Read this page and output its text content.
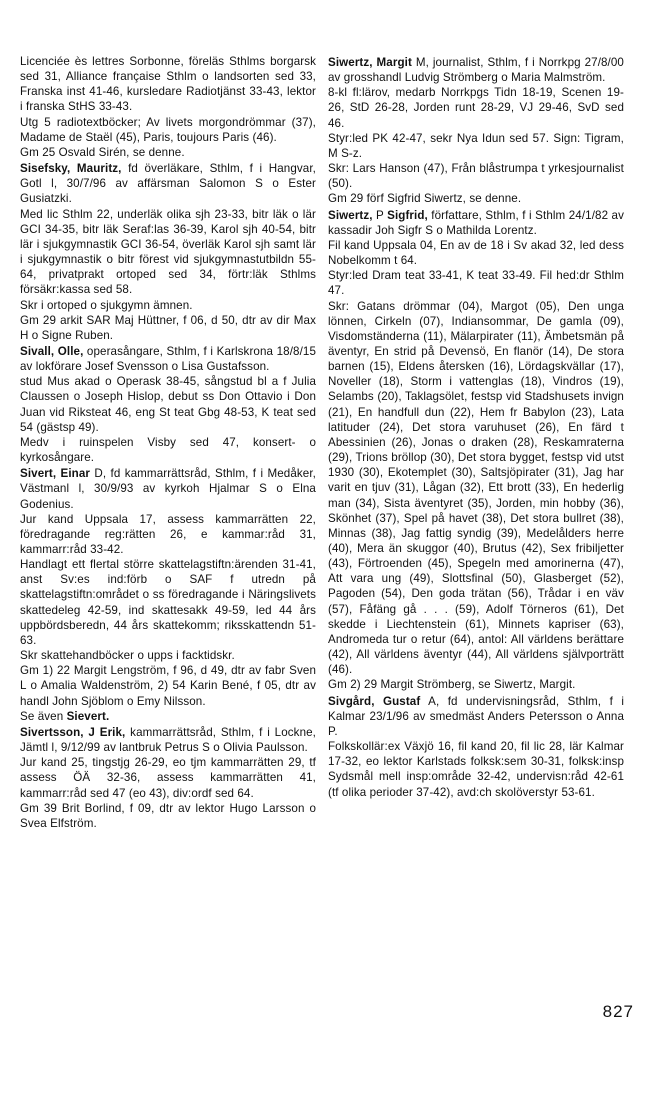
Licenciée ès lettres Sorbonne, föreläs Sthlms borgarsk sed 31, Alliance française Sthlm o landsorten sed 33, Franska inst 41-46, kursledare Radiotjänst 33-43, lektor i franska StHS 33-43.

Utg 5 radiotextböcker; Av livets morgondrömmar (37), Madame de Staël (45), Paris, toujours Paris (46).

Gm 25 Osvald Sirén, se denne.

Sisefsky, Mauritz, fd överläkare, Sthlm, f i Hangvar, Gotl l, 30/7/96 av affärsman Salomon S o Ester Gusiatzki.

Med lic Sthlm 22, underläk olika sjh 23-33, bitr läk o lär GCI 34-35, bitr läk Seraf:las 36-39, Karol sjh 40-54, bitr lär i sjukgymnastik GCI 36-54, överläk Karol sjh samt lär i sjukgymnastik o bitr förest vid sjukgymnastutbildn 55-64, privatprakt ortoped sed 34, förtr:läk Sthlms försäkr:kassa sed 58.

Skr i ortoped o sjukgymn ämnen.

Gm 29 arkit SAR Maj Hüttner, f 06, d 50, dtr av dir Max H o Signe Ruben.

Sivall, Olle, operasångare, Sthlm, f i Karlskrona 18/8/15 av lokförare Josef Svensson o Lisa Gustafsson.

stud Mus akad o Operask 38-45, sångstud bl a f Julia Claussen o Joseph Hislop, debut ss Don Ottavio i Don Juan vid Riksteat 46, eng St teat Gbg 48-53, K teat sed 54 (gästsp 49).

Medv i ruinspelen Visby sed 47, konsert- o kyrkosångare.

Sivert, Einar D, fd kammarrättsråd, Sthlm, f i Medåker, Västmanl l, 30/9/93 av kyrkoh Hjalmar S o Elna Godenius.

Jur kand Uppsala 17, assess kammarrätten 22, föredragande reg:rätten 26, e kammar:råd 31, kammarr:råd 33-42.

Handlagt ett flertal större skattelagstiftn:ärenden 31-41, anst Sv:es ind:förb o SAF f utredn på skattelagstiftn:området o ss föredragande i Näringslivets skattedeleg 42-59, ind skattesakk 49-59, led 44 års uppbördsberedn, 44 års skattekomm; riksskattendn 51-63.

Skr skattehandböcker o upps i facktidskr.

Gm 1) 22 Margit Lengström, f 96, d 49, dtr av fabr Sven L o Amalia Waldenström, 2) 54 Karin Bené, f 05, dtr av handl John Sjöblom o Emy Nilsson.

Se även Sievert.

Sivertsson, J Erik, kammarrättsråd, Sthlm, f i Lockne, Jämtl l, 9/12/99 av lantbruk Petrus S o Olivia Paulsson.

Jur kand 25, tingstjg 26-29, eo tjm kammarrätten 29, tf assess ÖÄ 32-36, assess kammarrätten 41, kammarr:råd sed 47 (eo 43), div:ordf sed 64.

Gm 39 Brit Borlind, f 09, dtr av lektor Hugo Larsson o Svea Elfström.

Siwertz, Margit M, journalist, Sthlm, f i Norrkpg 27/8/00 av grosshandl Ludvig Strömberg o Maria Malmström.

8-kl fl:lärov, medarb Norrkpgs Tidn 18-19, Scenen 19-26, StD 26-28, Jorden runt 28-29, VJ 29-46, SvD sed 46.

Styr:led PK 42-47, sekr Nya Idun sed 57. Sign: Tigram, M S-z.

Skr: Lars Hanson (47), Från blåstrumpa t yrkesjournalist (50).

Gm 29 förf Sigfrid Siwertz, se denne.

Siwertz, P Sigfrid, författare, Sthlm, f i Sthlm 24/1/82 av kassadir Joh Sigfr S o Mathilda Lorentz.

Fil kand Uppsala 04, En av de 18 i Sv akad 32, led dess Nobelkomm t 64.

Styr:led Dram teat 33-41, K teat 33-49. Fil hed:dr Sthlm 47.

Skr: Gatans drömmar (04), Margot (05), Den unga lönnen, Cirkeln (07), Indiansommar, De gamla (09), Visdomständerna (11), Mälarpirater (11), Ämbetsmän på äventyr, En strid på Devensö, En flanör (14), De stora barnen (15), Eldens återsken (16), Lördagskvällar (17), Noveller (18), Storm i vattenglas (18), Vindros (19), Selambs (20), Taklagsölet, festsp vid Stadshusets invign (21), En handfull dun (22), Hem fr Babylon (23), Lata latituder (24), Det stora varuhuset (26), En färd t Abessinien (26), Jonas o draken (28), Reskamraterna (29), Trions bröllop (30), Det stora bygget, festsp vid utst 1930 (30), Ekotemplet (30), Saltsjöpirater (31), Jag har varit en tjuv (31), Lågan (32), Ett brott (33), En hederlig man (34), Sista äventyret (35), Jorden, min hobby (36), Skönhet (37), Spel på havet (38), Det stora bullret (38), Minnas (38), Jag fattig syndig (39), Medelålders herre (40), Mera än skuggor (40), Brutus (42), Sex fribiljetter (43), Förtroenden (45), Spegeln med amorinerna (47), Att vara ung (49), Slottsfinal (50), Glasberget (52), Pagoden (54), Den goda trätan (56), Trådar i en väv (57), Fåfäng gå . . . (59), Adolf Törneros (61), Det skedde i Liechtenstein (61), Minnets kapriser (63), Andromeda tur o retur (64), antol: All världens berättare (42), All världens äventyr (44), All världens självporträtt (46).

Gm 2) 29 Margit Strömberg, se Siwertz, Margit.

Sivgård, Gustaf A, fd undervisningsråd, Sthlm, f i Kalmar 23/1/96 av smedmäst Anders Petersson o Anna P.

Folkskollär:ex Växjö 16, fil kand 20, fil lic 28, lär Kalmar 17-32, eo lektor Karlstads folksk:sem 30-31, folksk:insp Sydsmål mell insp:område 32-42, undervisn:råd 42-61 (tf olika perioder 37-42), avd:ch skolöverstyr 53-61.

827
